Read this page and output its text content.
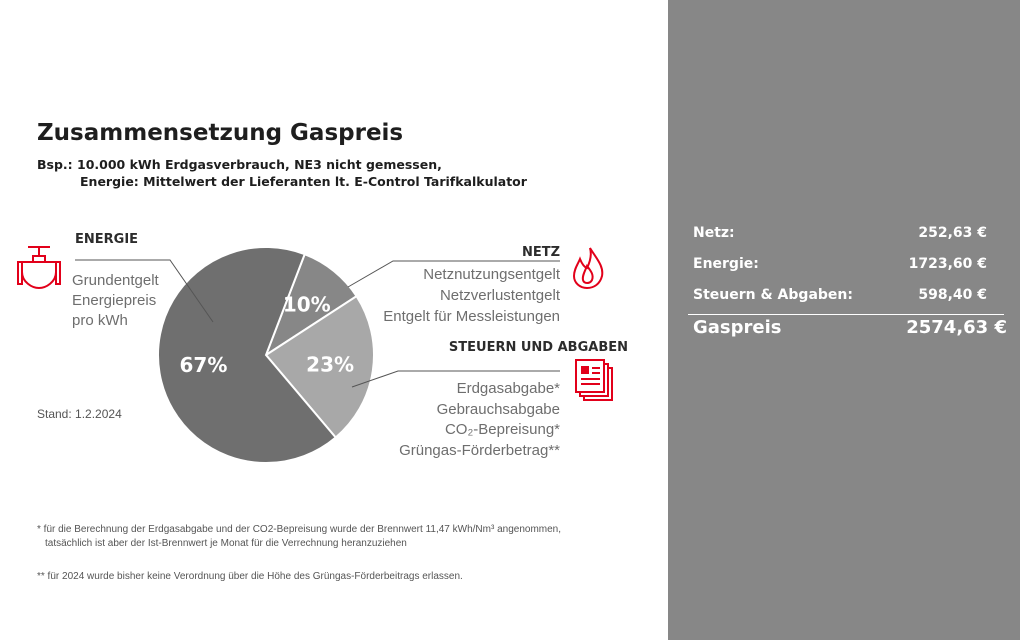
Zusammensetzung Gaspreis
Bsp.: 10.000 kWh Erdgasverbrauch, NE3 nicht gemessen,
Energie: Mittelwert der Lieferanten lt. E-Control Tarifkalkulator
10%
23%
67%
ENERGIE
Grundentgelt
Energiepreis
pro kWh
NETZ
Netznutzungsentgelt
Netzverlustentgelt
Entgelt für Messleistungen
STEUERN UND ABGABEN
Erdgasabgabe*
Gebrauchsabgabe
CO₂-Bepreisung*
Grüngas-Förderbetrag**
Stand: 1.2.2024
* für die Berechnung der Erdgasabgabe und der CO2-Bepreisung wurde der Brennwert 11,47 kWh/Nm³ angenommen,
tatsächlich ist aber der Ist-Brennwert je Monat für die Verrechnung heranzuziehen
** für 2024 wurde bisher keine Verordnung über die Höhe des Grüngas-Förderbeitrags erlassen.
Netz:	252,63 €
Energie:	1723,60 €
Steuern & Abgaben:	598,40 €
Gaspreis	2574,63 €
